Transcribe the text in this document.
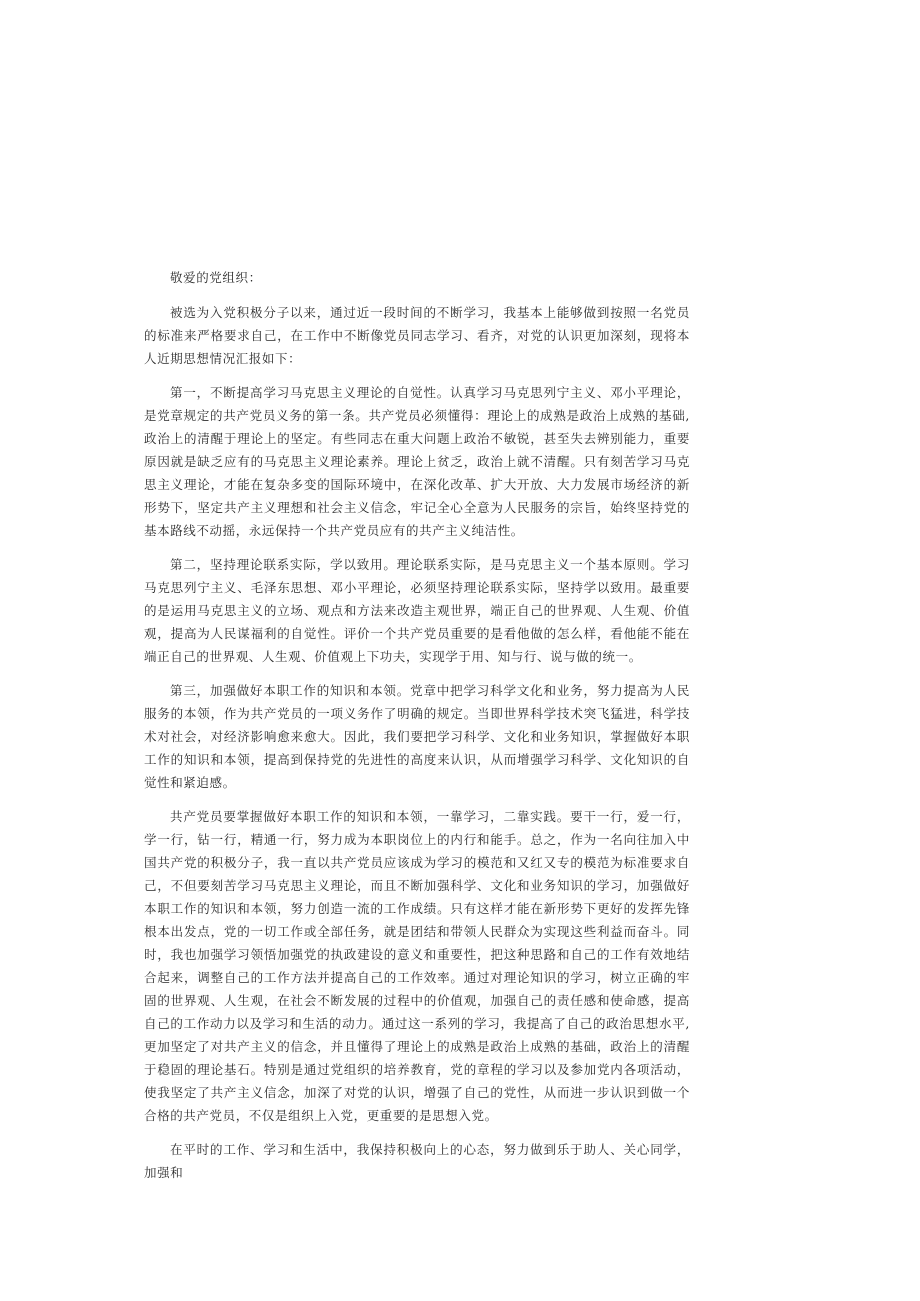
敬爱的党组织：

被选为入党积极分子以来，通过近一段时间的不断学习，我基本上能够做到按照一名党员的标准来严格要求自己，在工作中不断像党员同志学习、看齐，对党的认识更加深刻，现将本人近期思想情况汇报如下：

第一，不断提高学习马克思主义理论的自觉性。认真学习马克思列宁主义、邓小平理论，是党章规定的共产党员义务的第一条。共产党员必须懂得：理论上的成熟是政治上成熟的基础,政治上的清醒于理论上的坚定。有些同志在重大问题上政治不敏锐，甚至失去辨别能力，重要原因就是缺乏应有的马克思主义理论素养。理论上贫乏，政治上就不清醒。只有刻苦学习马克思主义理论，才能在复杂多变的国际环境中，在深化改革、扩大开放、大力发展市场经济的新形势下，坚定共产主义理想和社会主义信念，牢记全心全意为人民服务的宗旨，始终坚持党的基本路线不动摇，永远保持一个共产党员应有的共产主义纯洁性。

第二，坚持理论联系实际，学以致用。理论联系实际，是马克思主义一个基本原则。学习马克思列宁主义、毛泽东思想、邓小平理论，必须坚持理论联系实际，坚持学以致用。最重要的是运用马克思主义的立场、观点和方法来改造主观世界，端正自己的世界观、人生观、价值观，提高为人民谋福利的自觉性。评价一个共产党员重要的是看他做的怎么样，看他能不能在端正自己的世界观、人生观、价值观上下功夫，实现学于用、知与行、说与做的统一。

第三，加强做好本职工作的知识和本领。党章中把学习科学文化和业务，努力提高为人民服务的本领，作为共产党员的一项义务作了明确的规定。当即世界科学技术突飞猛进，科学技术对社会，对经济影响愈来愈大。因此，我们要把学习科学、文化和业务知识，掌握做好本职工作的知识和本领，提高到保持党的先进性的高度来认识，从而增强学习科学、文化知识的自觉性和紧迫感。

共产党员要掌握做好本职工作的知识和本领，一靠学习，二靠实践。要干一行，爱一行，学一行，钻一行，精通一行，努力成为本职岗位上的内行和能手。总之，作为一名向往加入中国共产党的积极分子，我一直以共产党员应该成为学习的模范和又红又专的模范为标准要求自己，不但要刻苦学习马克思主义理论，而且不断加强科学、文化和业务知识的学习，加强做好本职工作的知识和本领，努力创造一流的工作成绩。只有这样才能在新形势下更好的发挥先锋根本出发点，党的一切工作或全部任务，就是团结和带领人民群众为实现这些利益而奋斗。同时，我也加强学习领悟加强党的执政建设的意义和重要性，把这种思路和自己的工作有效地结合起来，调整自己的工作方法并提高自己的工作效率。通过对理论知识的学习，树立正确的牢固的世界观、人生观，在社会不断发展的过程中的价值观，加强自己的责任感和使命感，提高自己的工作动力以及学习和生活的动力。通过这一系列的学习，我提高了自己的政治思想水平,更加坚定了对共产主义的信念，并且懂得了理论上的成熟是政治上成熟的基础，政治上的清醒于稳固的理论基石。特别是通过党组织的培养教育，党的章程的学习以及参加党内各项活动，使我坚定了共产主义信念，加深了对党的认识，增强了自己的党性，从而进一步认识到做一个合格的共产党员，不仅是组织上入党，更重要的是思想入党。

在平时的工作、学习和生活中，我保持积极向上的心态，努力做到乐于助人、关心同学，加强和
